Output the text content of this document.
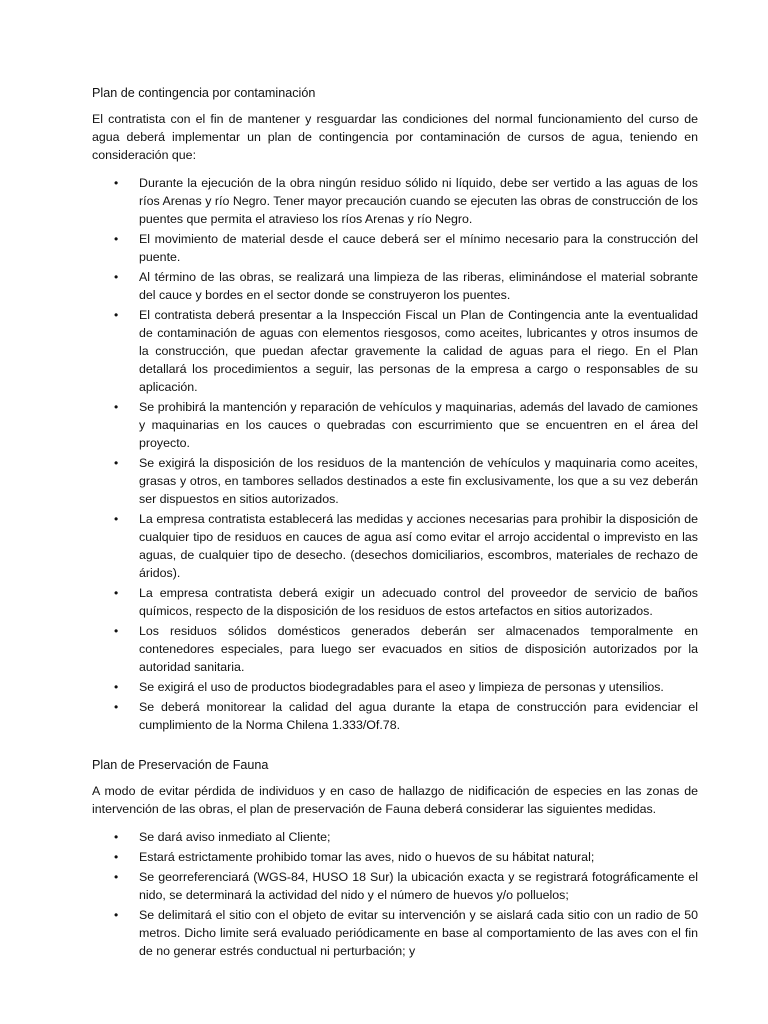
Plan de contingencia por contaminación

El contratista con el fin de mantener y resguardar las condiciones del normal funcionamiento del curso de agua deberá implementar un plan de contingencia por contaminación de cursos de agua, teniendo en consideración que:

• Durante la ejecución de la obra ningún residuo sólido ni líquido, debe ser vertido a las aguas de los ríos Arenas y río Negro. Tener mayor precaución cuando se ejecuten las obras de construcción de los puentes que permita el atravieso los ríos Arenas y río Negro.
• El movimiento de material desde el cauce deberá ser el mínimo necesario para la construcción del puente.
• Al término de las obras, se realizará una limpieza de las riberas, eliminándose el material sobrante del cauce y bordes en el sector donde se construyeron los puentes.
• El contratista deberá presentar a la Inspección Fiscal un Plan de Contingencia ante la eventualidad de contaminación de aguas con elementos riesgosos, como aceites, lubricantes y otros insumos de la construcción, que puedan afectar gravemente la calidad de aguas para el riego. En el Plan detallará los procedimientos a seguir, las personas de la empresa a cargo o responsables de su aplicación.
• Se prohibirá la mantención y reparación de vehículos y maquinarias, además del lavado de camiones y maquinarias en los cauces o quebradas con escurrimiento que se encuentren en el área del proyecto.
• Se exigirá la disposición de los residuos de la mantención de vehículos y maquinaria como aceites, grasas y otros, en tambores sellados destinados a este fin exclusivamente, los que a su vez deberán ser dispuestos en sitios autorizados.
• La empresa contratista establecerá las medidas y acciones necesarias para prohibir la disposición de cualquier tipo de residuos en cauces de agua así como evitar el arrojo accidental o imprevisto en las aguas, de cualquier tipo de desecho. (desechos domiciliarios, escombros, materiales de rechazo de áridos).
• La empresa contratista deberá exigir un adecuado control del proveedor de servicio de baños químicos, respecto de la disposición de los residuos de estos artefactos en sitios autorizados.
• Los residuos sólidos domésticos generados deberán ser almacenados temporalmente en contenedores especiales, para luego ser evacuados en sitios de disposición autorizados por la autoridad sanitaria.
• Se exigirá el uso de productos biodegradables para el aseo y limpieza de personas y utensilios.
• Se deberá monitorear la calidad del agua durante la etapa de construcción para evidenciar el cumplimiento de la Norma Chilena 1.333/Of.78.
Plan de Preservación de Fauna

A modo de evitar pérdida de individuos y en caso de hallazgo de nidificación de especies en las zonas de intervención de las obras, el plan de preservación de Fauna deberá considerar las siguientes medidas.

• Se dará aviso inmediato al Cliente;
• Estará estrictamente prohibido tomar las aves, nido o huevos de su hábitat natural;
• Se georreferenciará (WGS-84, HUSO 18 Sur) la ubicación exacta y se registrará fotográficamente el nido, se determinará la actividad del nido y el número de huevos y/o polluelos;
• Se delimitará el sitio con el objeto de evitar su intervención y se aislará cada sitio con un radio de 50 metros. Dicho limite será evaluado periódicamente en base al comportamiento de las aves con el fin de no generar estrés conductual ni perturbación; y
